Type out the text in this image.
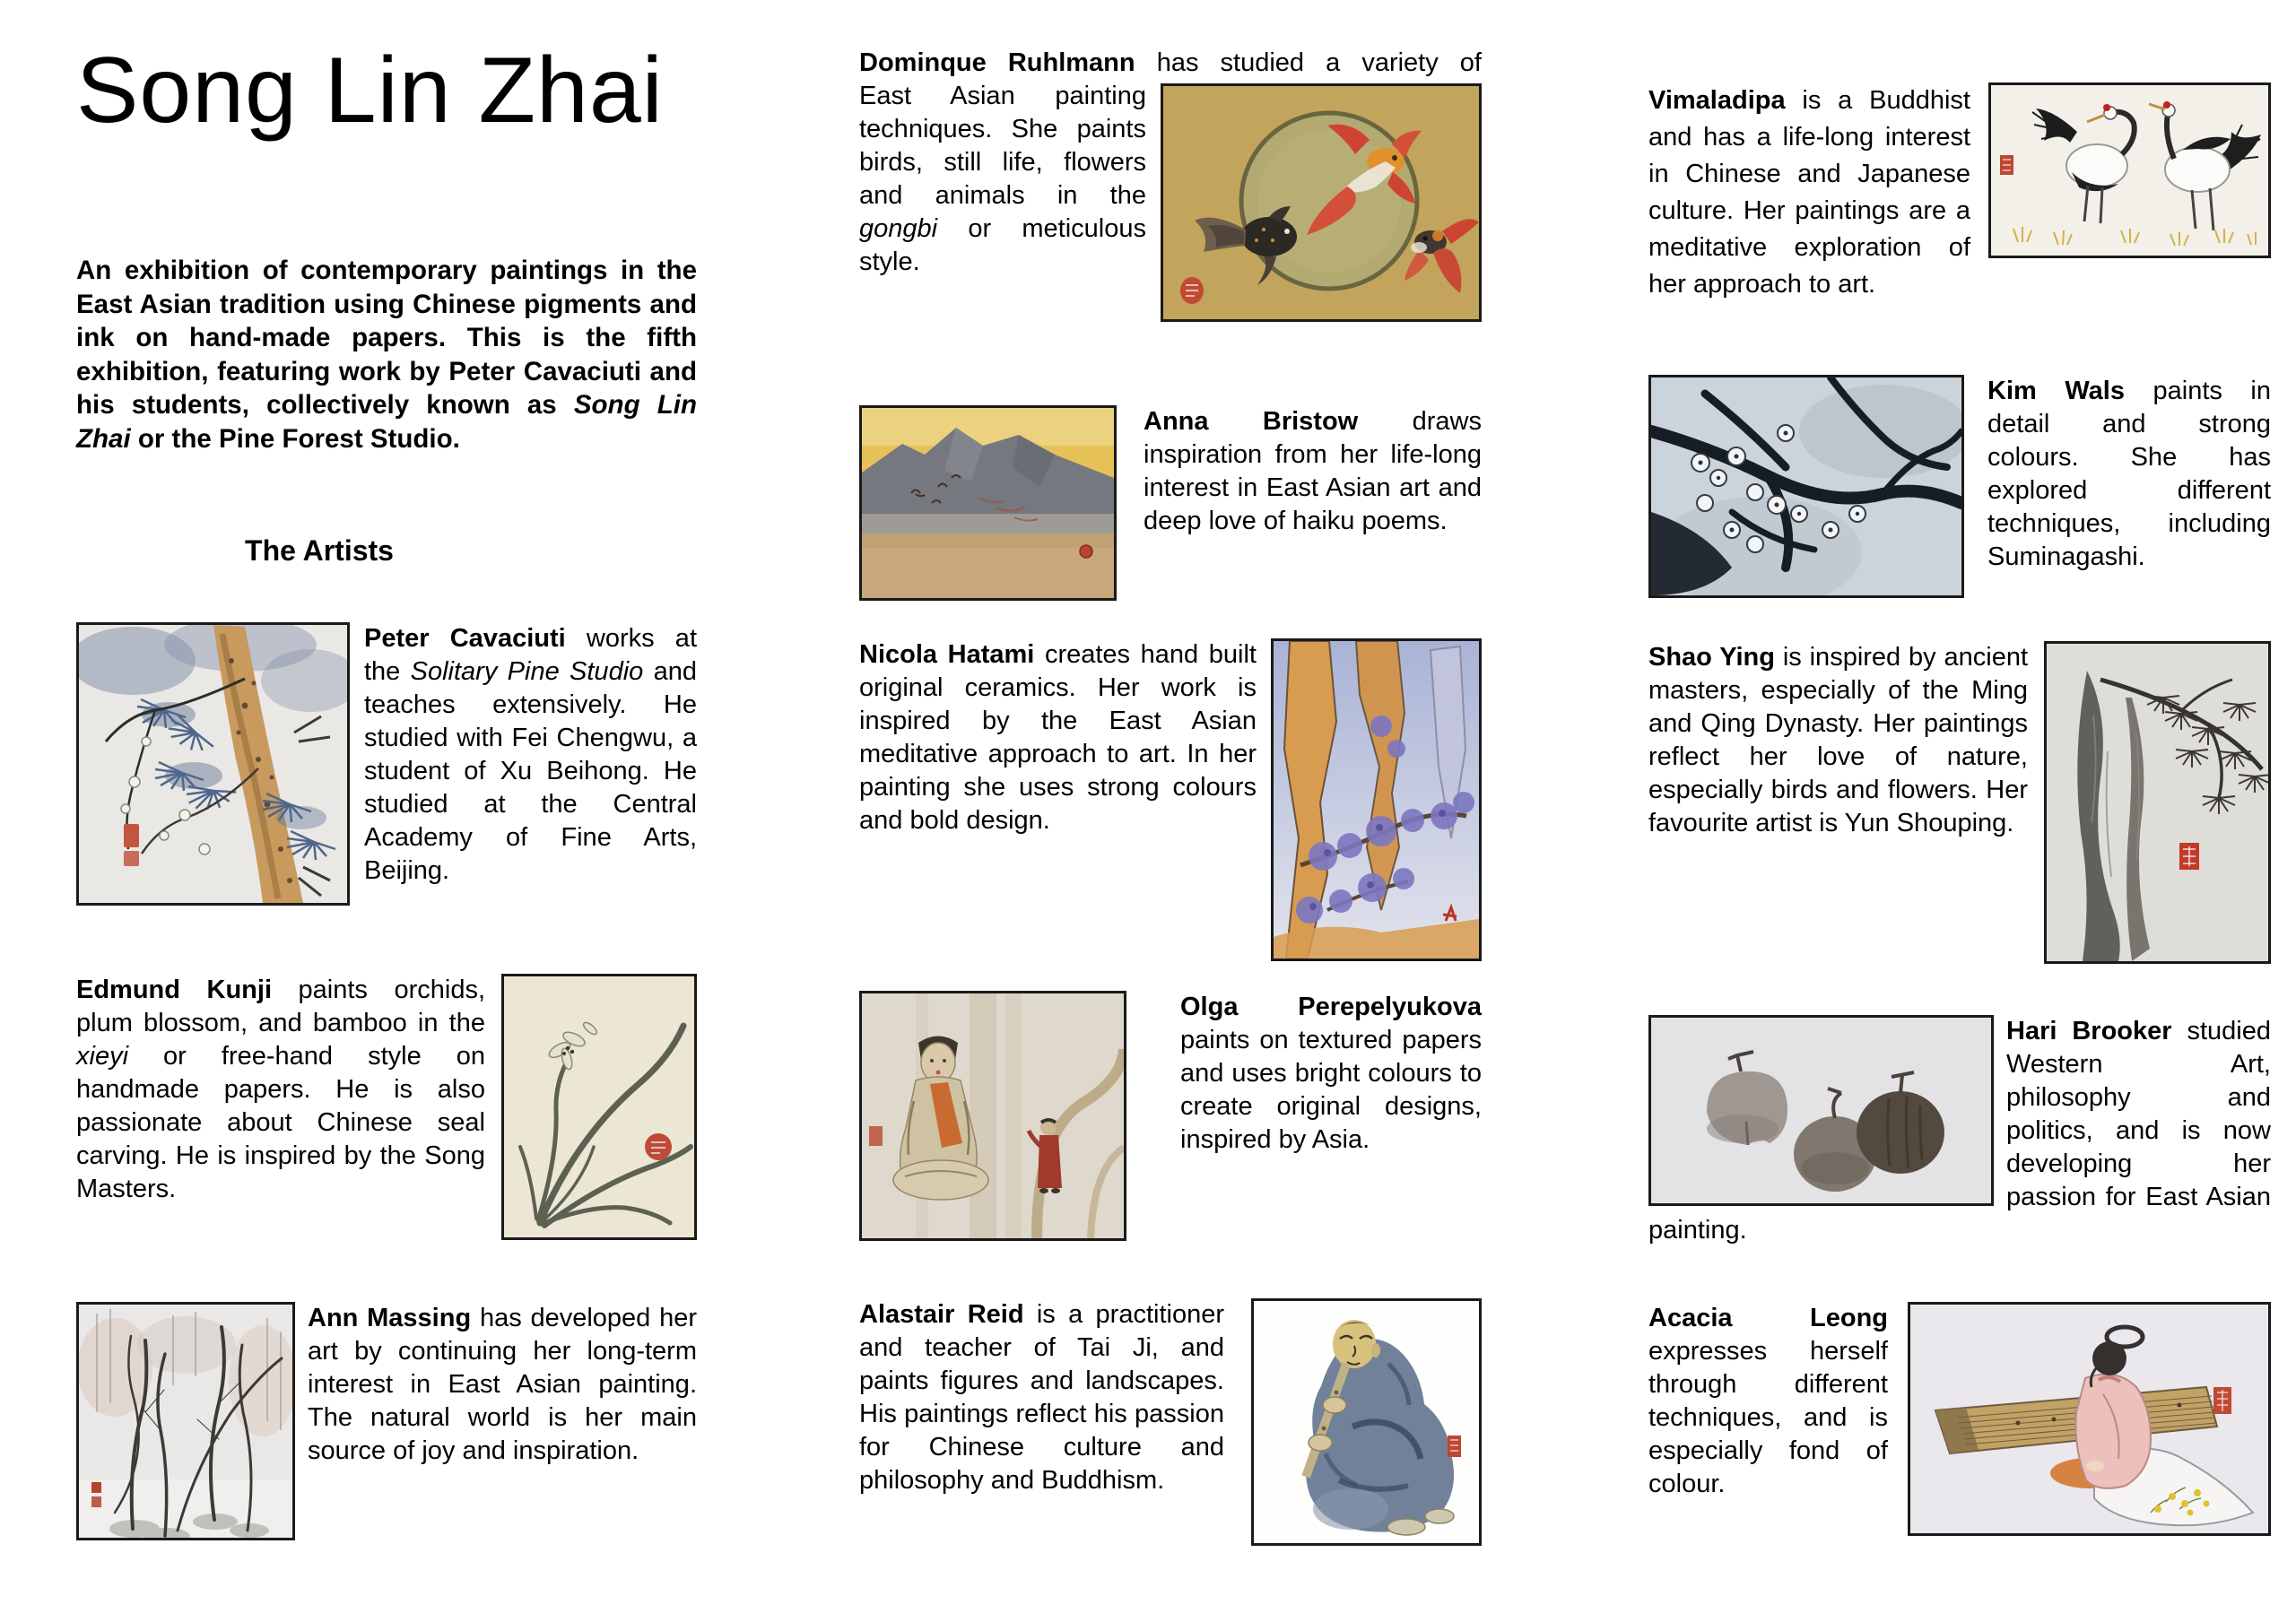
Song Lin Zhai

An exhibition of contemporary paintings in the East Asian tradition using Chinese pigments and ink on hand-made papers. This is the fifth exhibition, featuring work by Peter Cavaciuti and his students, collectively known as Song Lin Zhai or the Pine Forest Studio.

The Artists

Peter Cavaciuti works at the Solitary Pine Studio and teaches extensively. He studied with Fei Chengwu, a student of Xu Beihong. He studied at the Central Academy of Fine Arts, Beijing.

Edmund Kunji paints orchids, plum blossom, and bamboo in the xieyi or free-hand style on handmade papers. He is also passionate about Chinese seal carving. He is inspired by the Song Masters.

Ann Massing has developed her art by continuing her long-term interest in East Asian painting. The natural world is her main source of joy and inspiration.

Dominque Ruhlmann has studied a variety of

East Asian painting techniques. She paints birds, still life, flowers and animals in the gongbi or meticulous style.

Anna Bristow draws inspiration from her life-long interest in East Asian art and deep love of haiku poems.

Nicola Hatami creates hand built original ceramics. Her work is inspired by the East Asian meditative approach to art. In her painting she uses strong colours and bold design.

Olga Perepelyukova paints on textured papers and uses bright colours to create original designs, inspired by Asia.

Alastair Reid is a practitioner and teacher of Tai Ji, and paints figures and landscapes. His paintings reflect his passion for Chinese culture and philosophy and Buddhism.

Vimaladipa is a Buddhist and has a life-long interest in Chinese and Japanese culture. Her paintings are a meditative exploration of her approach to art.

Kim Wals paints in detail and strong colours. She has explored different techniques, including Suminagashi.

Shao Ying is inspired by ancient masters, especially of the Ming and Qing Dynasty. Her paintings reflect her love of nature, especially birds and flowers. Her favourite artist is Yun Shouping.

Hari Brooker studied Western Art, philosophy and politics, and is now developing her passion for East Asian painting.

Acacia Leong expresses herself through different techniques, and is especially fond of colour.
